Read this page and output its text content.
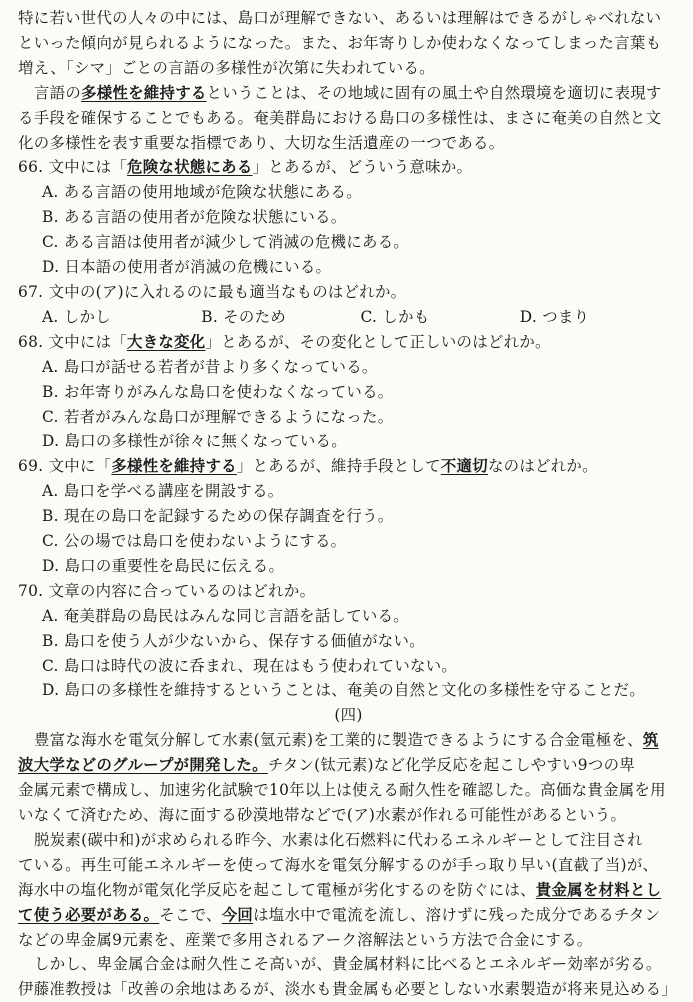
特に若い世代の人々の中には、島口が理解できない、あるいは理解はできるがしゃべれない
といった傾向が見られるようになった。また、お年寄りしか使わなくなってしまった言葉も
増え、「シマ」ごとの言語の多様性が次第に失われている。
言語の多様性を維持するということは、その地域に固有の風土や自然環境を適切に表現す
る手段を確保することでもある。奄美群島における島口の多様性は、まさに奄美の自然と文
化の多様性を表す重要な指標であり、大切な生活遺産の一つである。
66. 文中には「危険な状態にある」とあるが、どういう意味か。
A. ある言語の使用地域が危険な状態にある。
B. ある言語の使用者が危険な状態にいる。
C. ある言語は使用者が減少して消滅の危機にある。
D. 日本語の使用者が消滅の危機にいる。
67. 文中の(ア)に入れるのに最も適当なものはどれか。
A. しかし	B. そのため	C. しかも	D. つまり
68. 文中には「大きな変化」とあるが、その変化として正しいのはどれか。
A. 島口が話せる若者が昔より多くなっている。
B. お年寄りがみんな島口を使わなくなっている。
C. 若者がみんな島口が理解できるようになった。
D. 島口の多様性が徐々に無くなっている。
69. 文中に「多様性を維持する」とあるが、維持手段として不適切なのはどれか。
A. 島口を学べる講座を開設する。
B. 現在の島口を記録するための保存調査を行う。
C. 公の場では島口を使わないようにする。
D. 島口の重要性を島民に伝える。
70. 文章の内容に合っているのはどれか。
A. 奄美群島の島民はみんな同じ言語を話している。
B. 島口を使う人が少ないから、保存する価値がない。
C. 島口は時代の波に呑まれ、現在はもう使われていない。
D. 島口の多様性を維持するということは、奄美の自然と文化の多様性を守ることだ。
(四)
豊富な海水を電気分解して水素(氫元素)を工業的に製造できるようにする合金電極を、筑
波大学などのグループが開発した。チタン(钛元素)など化学反応を起こしやすい9つの卑
金属元素で構成し、加速劣化試験で10年以上は使える耐久性を確認した。高価な貴金属を用
いなくて済むため、海に面する砂漠地帯などで(ア)水素が作れる可能性があるという。
脱炭素(碳中和)が求められる昨今、水素は化石燃料に代わるエネルギーとして注目され
ている。再生可能エネルギーを使って海水を電気分解するのが手っ取り早い(直截了当)が、
海水中の塩化物が電気化学反応を起こして電極が劣化するのを防ぐには、貴金属を材料とし
て使う必要がある。そこで、今回は塩水中で電流を流し、溶けずに残った成分であるチタン
などの卑金属9元素を、産業で多用されるアーク溶解法という方法で合金にする。
しかし、卑金属合金は耐久性こそ高いが、貴金属材料に比べるとエネルギー効率が劣る。
伊藤准教授は「改善の余地はあるが、淡水も貴金属も必要としない水素製造が将来見込める」
